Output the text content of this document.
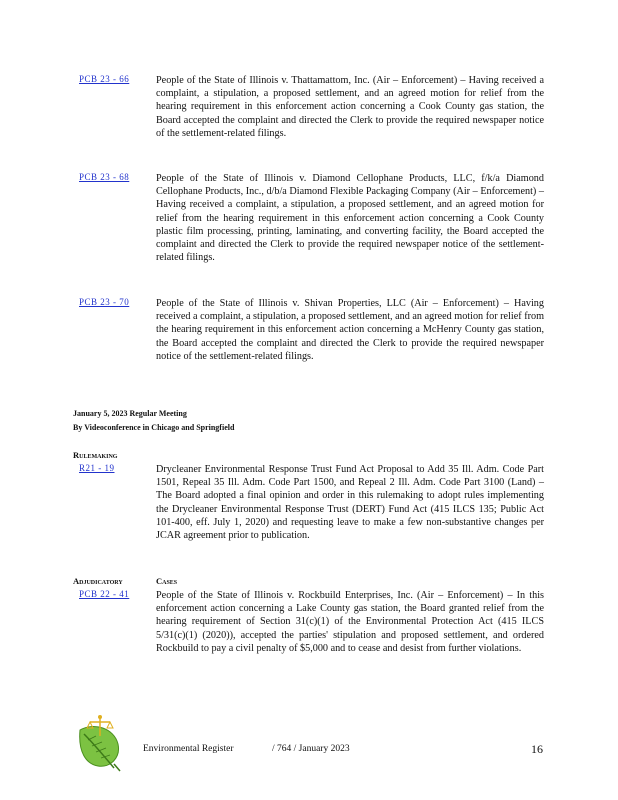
PCB 23 - 66	People of the State of Illinois v. Thattamattom, Inc. (Air – Enforcement) – Having received a complaint, a stipulation, a proposed settlement, and an agreed motion for relief from the hearing requirement in this enforcement action concerning a Cook County gas station, the Board accepted the complaint and directed the Clerk to provide the required newspaper notice of the settlement-related filings.
PCB 23 - 68	People of the State of Illinois v. Diamond Cellophane Products, LLC, f/k/a Diamond Cellophane Products, Inc., d/b/a Diamond Flexible Packaging Company (Air – Enforcement) – Having received a complaint, a stipulation, a proposed settlement, and an agreed motion for relief from the hearing requirement in this enforcement action concerning a Cook County plastic film processing, printing, laminating, and converting facility, the Board accepted the complaint and directed the Clerk to provide the required newspaper notice of the settlement-related filings.
PCB 23 - 70	People of the State of Illinois v. Shivan Properties, LLC (Air – Enforcement) – Having received a complaint, a stipulation, a proposed settlement, and an agreed motion for relief from the hearing requirement in this enforcement action concerning a McHenry County gas station, the Board accepted the complaint and directed the Clerk to provide the required newspaper notice of the settlement-related filings.
January 5, 2023 Regular Meeting
By Videoconference in Chicago and Springfield
Rulemaking
R21 - 19	Drycleaner Environmental Response Trust Fund Act Proposal to Add 35 Ill. Adm. Code Part 1501, Repeal 35 Ill. Adm. Code Part 1500, and Repeal 2 Ill. Adm. Code Part 3100 (Land) – The Board adopted a final opinion and order in this rulemaking to adopt rules implementing the Drycleaner Environmental Response Trust (DERT) Fund Act (415 ILCS 135; Public Act 101-400, eff. July 1, 2020) and requesting leave to make a few non-substantive changes per JCAR agreement prior to publication.
Adjudicatory	Cases
PCB 22 - 41	People of the State of Illinois v. Rockbuild Enterprises, Inc. (Air – Enforcement) – In this enforcement action concerning a Lake County gas station, the Board granted relief from the hearing requirement of Section 31(c)(1) of the Environmental Protection Act (415 ILCS 5/31(c)(1) (2020)), accepted the parties' stipulation and proposed settlement, and ordered Rockbuild to pay a civil penalty of $5,000 and to cease and desist from further violations.
Environmental Register	/ 764 / January 2023	16
